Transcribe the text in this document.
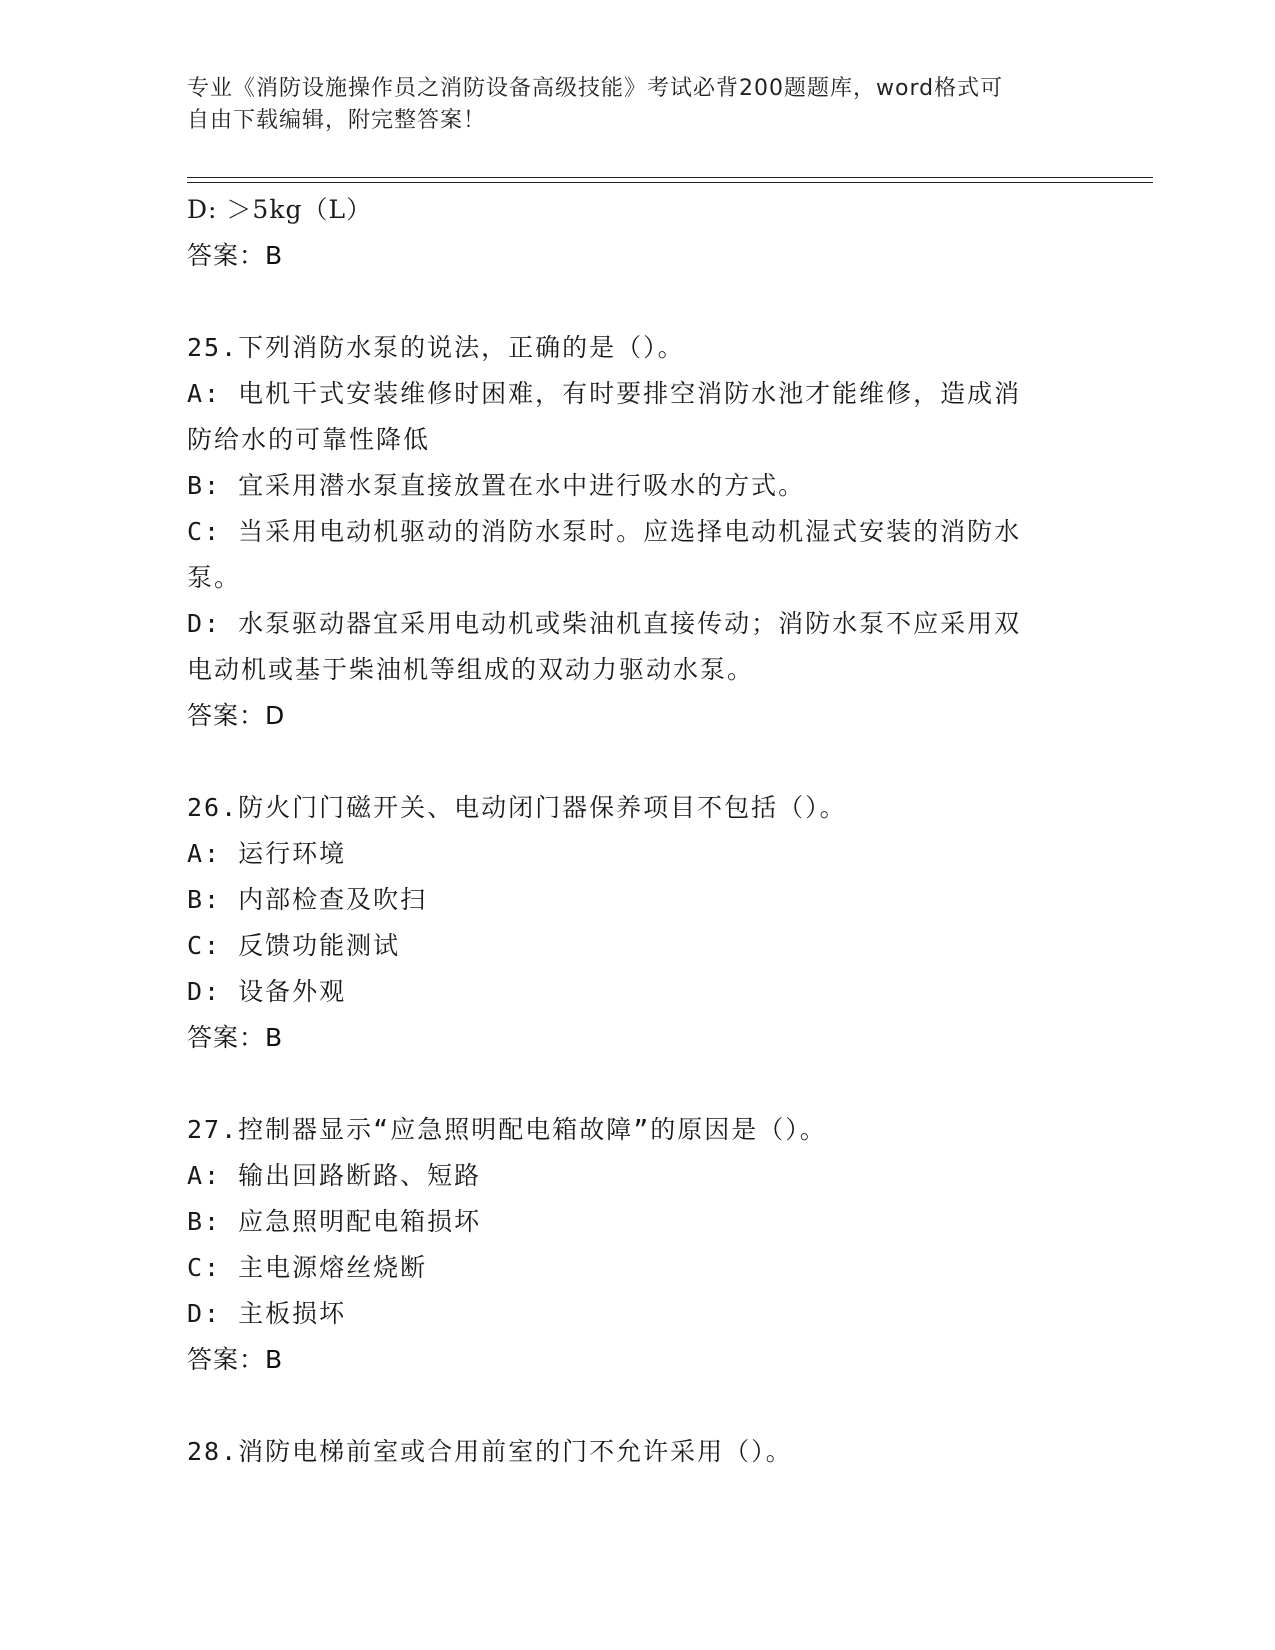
专业《消防设施操作员之消防设备高级技能》考试必背200题题库，word格式可
自由下载编辑，附完整答案！
D: ＞5kg（L）
答案：B
25.下列消防水泵的说法，正确的是（）。
A: 电机干式安装维修时困难，有时要排空消防水池才能维修，造成消
防给水的可靠性降低
B: 宜采用潜水泵直接放置在水中进行吸水的方式。
C: 当采用电动机驱动的消防水泵时。应选择电动机湿式安装的消防水
泵。
D: 水泵驱动器宜采用电动机或柴油机直接传动；消防水泵不应采用双
电动机或基于柴油机等组成的双动力驱动水泵。
答案：D
26.防火门门磁开关、电动闭门器保养项目不包括（）。
A: 运行环境
B: 内部检查及吹扫
C: 反馈功能测试
D: 设备外观
答案：B
27.控制器显示“应急照明配电箱故障”的原因是（）。
A: 输出回路断路、短路
B: 应急照明配电箱损坏
C: 主电源熔丝烧断
D: 主板损坏
答案：B
28.消防电梯前室或合用前室的门不允许采用（）。
